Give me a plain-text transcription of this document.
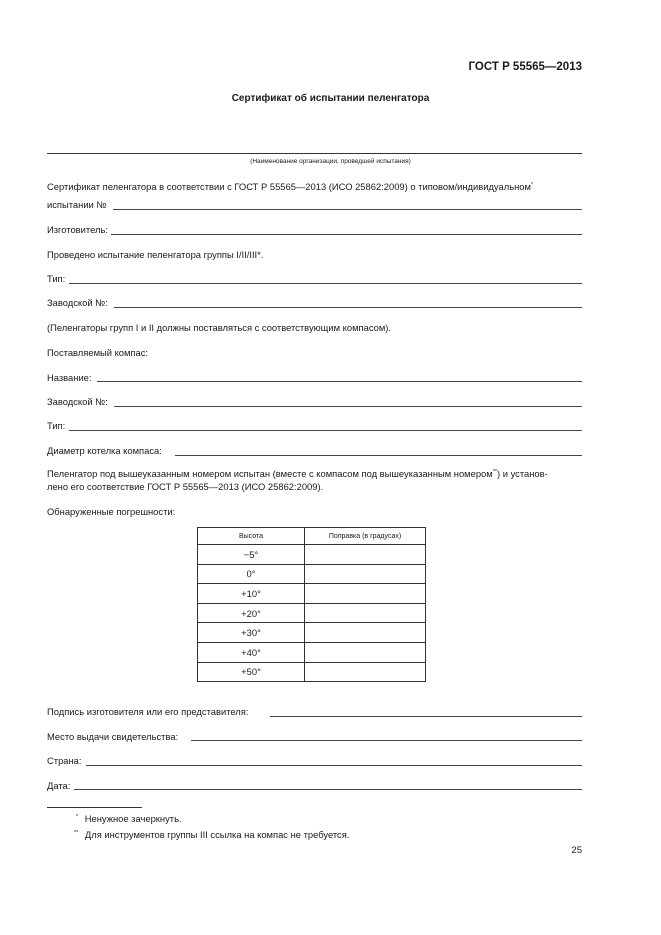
ГОСТ Р 55565—2013
Сертификат об испытании пеленгатора
(Наименование организации, проведшей испытания)
Сертификат пеленгатора в соответствии с ГОСТ Р 55565—2013 (ИСО 25862:2009) о типовом/индивидуальном*
испытании №
Изготовитель:
Проведено испытание пеленгатора группы I/II/III*.
Тип:
Заводской №:
(Пеленгаторы групп I и II должны поставляться с соответствующим компасом).
Поставляемый компас:
Название:
Заводской №:
Тип:
Диаметр котелка компаса:
Пеленгатор под вышеуказанным номером испытан (вместе с компасом под вышеуказанным номером**) и установ-
лено его соответствие ГОСТ Р 55565—2013 (ИСО 25862:2009).
Обнаруженные погрешности:
Высота	Поправка (в градусах)
−5°	
0°	
+10°	
+20°	
+30°	
+40°	
+50°	
Подпись изготовителя или его представителя:
Место выдачи свидетельства:
Страна:
Дата:
* Ненужное зачеркнуть.
** Для инструментов группы III ссылка на компас не требуется.
25
